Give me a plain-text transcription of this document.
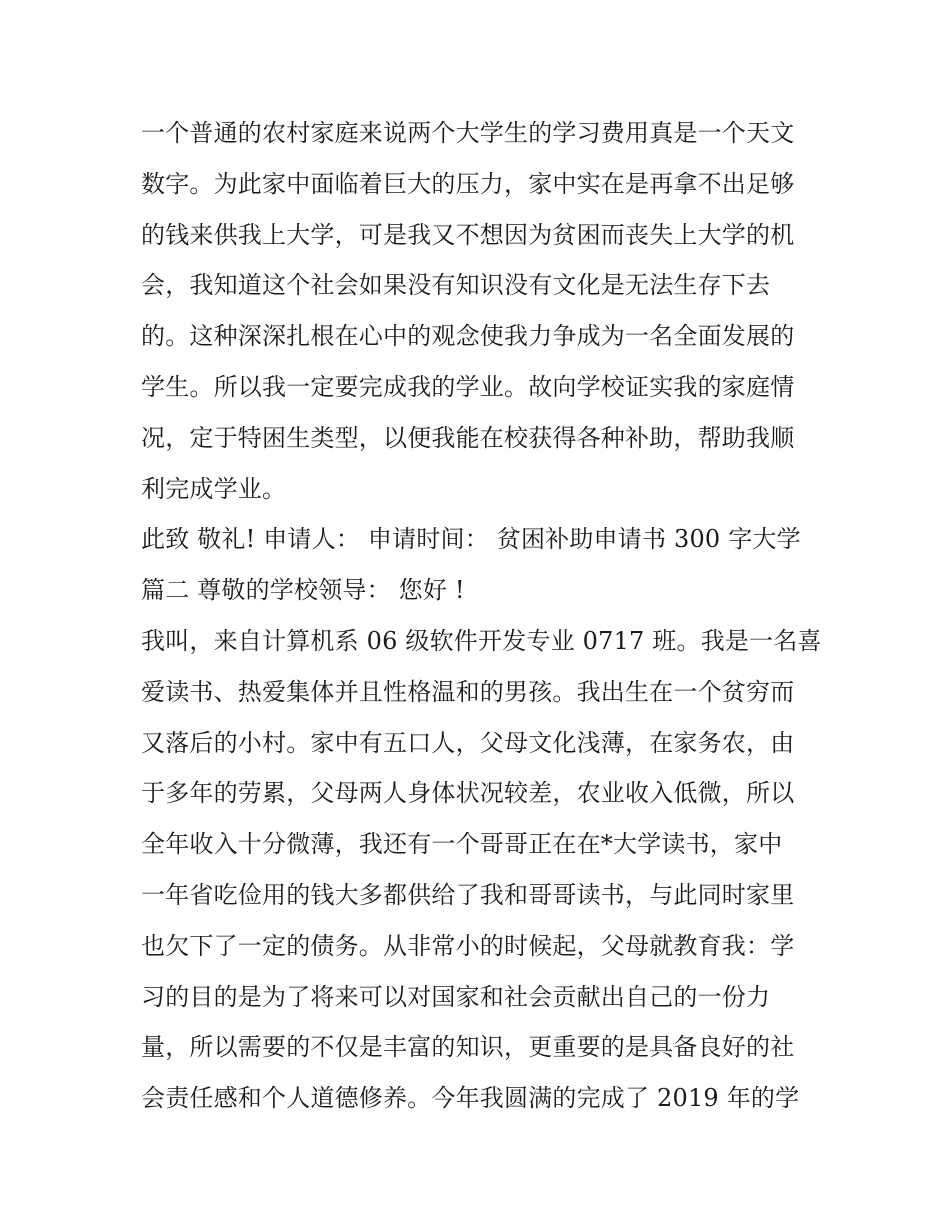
一个普通的农村家庭来说两个大学生的学习费用真是一个天文
数字。为此家中面临着巨大的压力，家中实在是再拿不出足够
的钱来供我上大学，可是我又不想因为贫困而丧失上大学的机
会，我知道这个社会如果没有知识没有文化是无法生存下去
的。这种深深扎根在心中的观念使我力争成为一名全面发展的
学生。所以我一定要完成我的学业。故向学校证实我的家庭情
况，定于特困生类型，以便我能在校获得各种补助，帮助我顺
利完成学业。
此致 敬礼! 申请人： 申请时间： 贫困补助申请书 300 字大学
篇二 尊敬的学校领导： 您好 !
我叫，来自计算机系 06 级软件开发专业 0717 班。我是一名喜
爱读书、热爱集体并且性格温和的男孩。我出生在一个贫穷而
又落后的小村。家中有五口人，父母文化浅薄，在家务农，由
于多年的劳累，父母两人身体状况较差，农业收入低微，所以
全年收入十分微薄，我还有一个哥哥正在在*大学读书，家中
一年省吃俭用的钱大多都供给了我和哥哥读书，与此同时家里
也欠下了一定的债务。从非常小的时候起，父母就教育我：学
习的目的是为了将来可以对国家和社会贡献出自己的一份力
量，所以需要的不仅是丰富的知识，更重要的是具备良好的社
会责任感和个人道德修养。今年我圆满的完成了 2019 年的学
